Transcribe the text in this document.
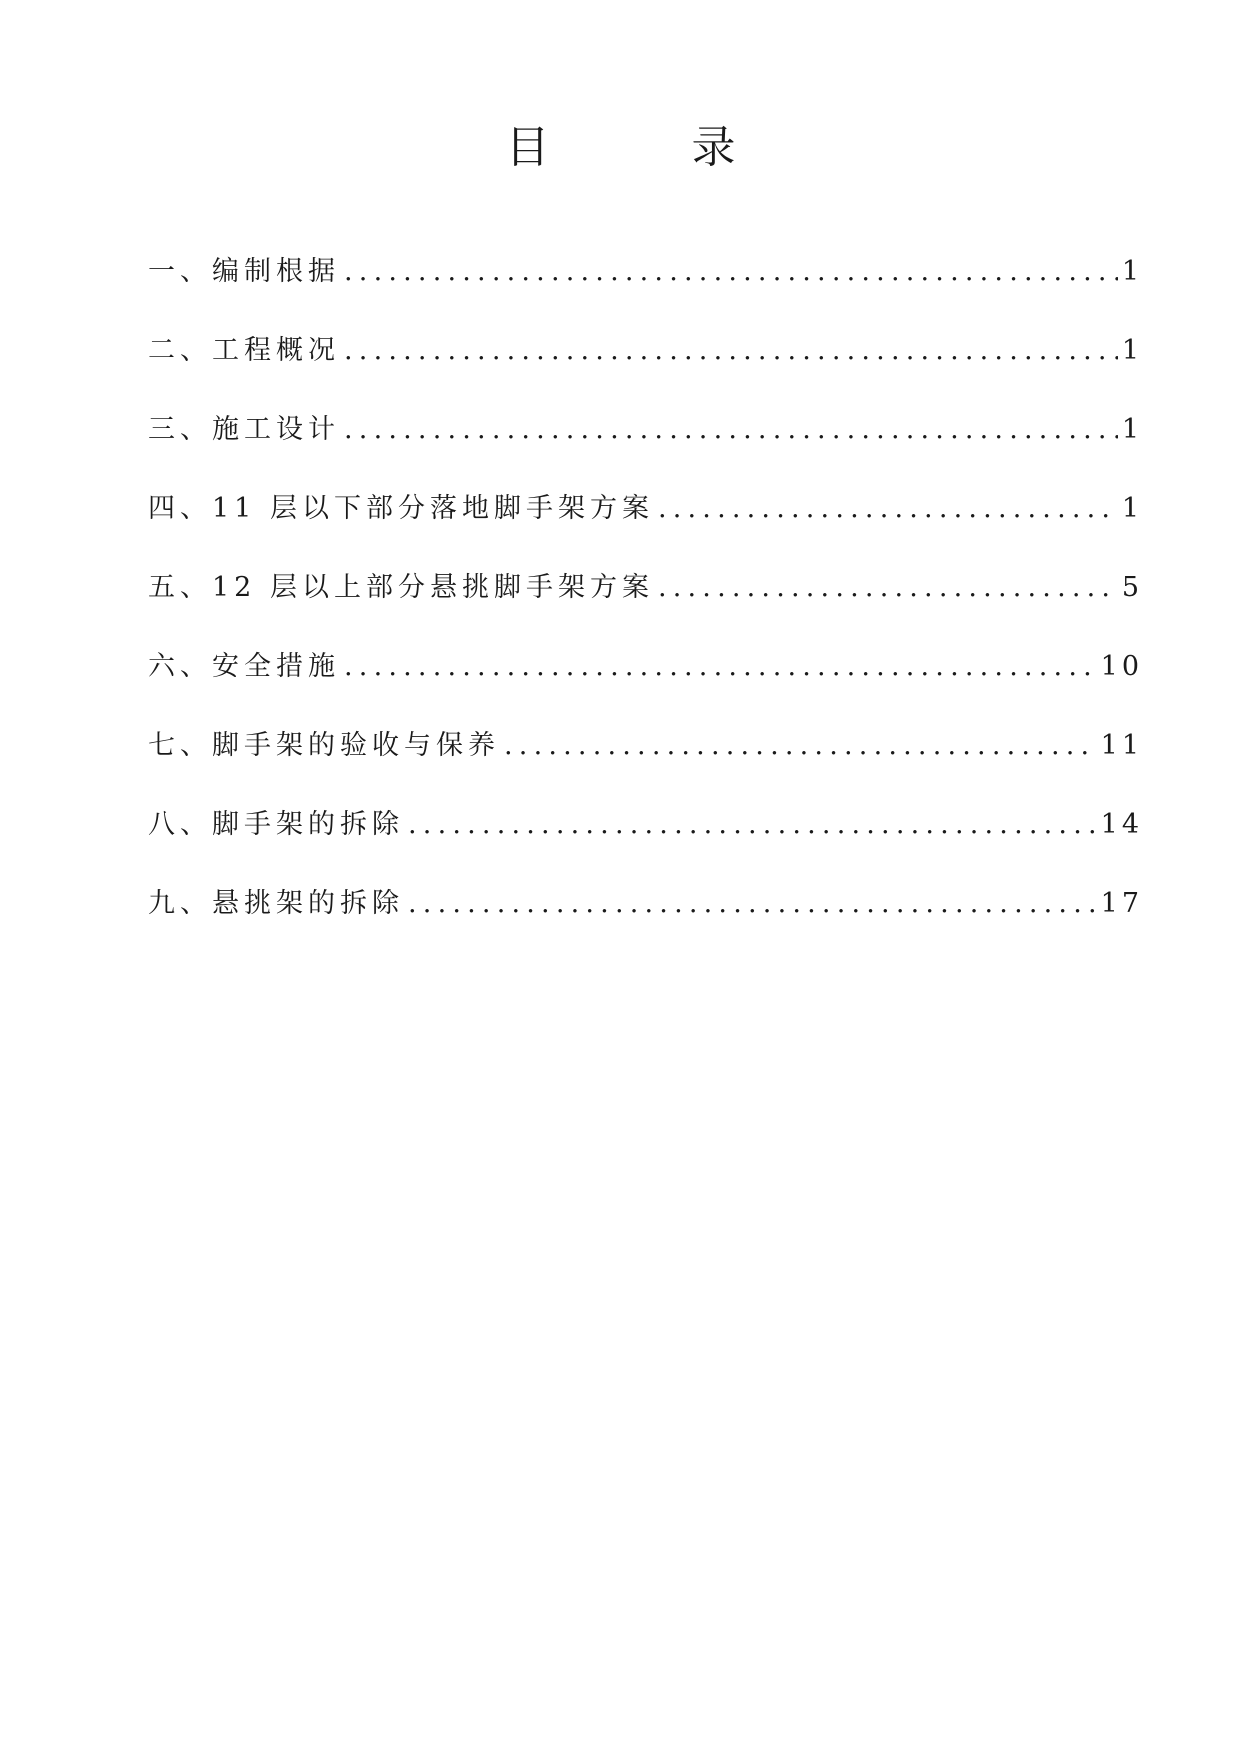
目 录
一、编制根据 .....	1
二、工程概况 .....	1
三、施工设计 .....	1
四、11 层以下部分落地脚手架方案 .....	1
五、12 层以上部分悬挑脚手架方案 .....	5
六、安全措施 .....	10
七、脚手架的验收与保养 .....	11
八、脚手架的拆除 .....	14
九、悬挑架的拆除 .....	17
